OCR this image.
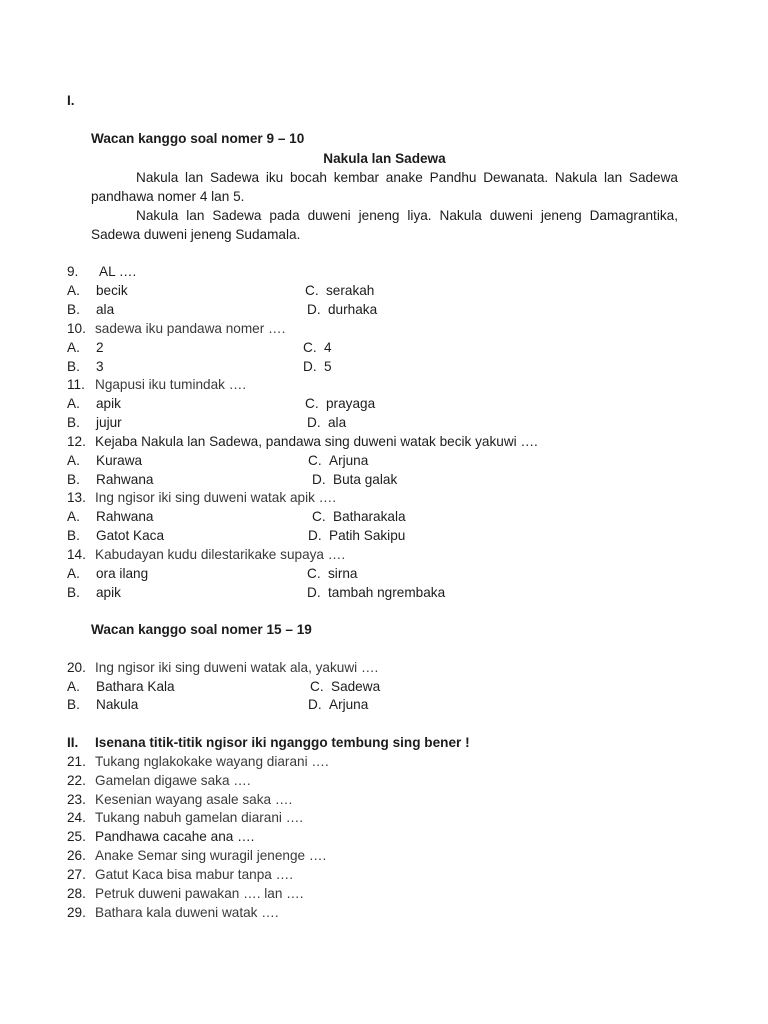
I.
Wacan kanggo soal nomer 9 – 10
Nakula lan Sadewa
Nakula lan Sadewa iku bocah kembar anake Pandhu Dewanata. Nakula lan Sadewa pandhawa nomer 4 lan 5.
Nakula lan Sadewa pada duweni jeneng liya. Nakula duweni jeneng Damagrantika, Sadewa duweni jeneng Sudamala.
9. AL ….
A. becik	C. serakah
B. ala	D. durhaka
10. sadewa iku pandawa nomer ….
A. 2	C. 4
B. 3	D. 5
11. Ngapusi iku tumindak ….
A. apik	C. prayaga
B. jujur	D. ala
12. Kejaba Nakula lan Sadewa, pandawa sing duweni watak becik yakuwi ….
A. Kurawa	C. Arjuna
B. Rahwana	D. Buta galak
13. Ing ngisor iki sing duweni watak apik ….
A. Rahwana	C. Batharakala
B. Gatot Kaca	D. Patih Sakipu
14. Kabudayan kudu dilestarikake supaya ….
A. ora ilang	C. sirna
B. apik	D. tambah ngrembaka
Wacan kanggo soal nomer 15 – 19
20. Ing ngisor iki sing duweni watak ala, yakuwi ….
A. Bathara Kala	C. Sadewa
B. Nakula	D. Arjuna
II. Isenana titik-titik ngisor iki nganggo tembung sing bener !
21. Tukang nglakokake wayang diarani ….
22. Gamelan digawe saka ….
23. Kesenian wayang asale saka ….
24. Tukang nabuh gamelan diarani ….
25. Pandhawa cacahe ana ….
26. Anake Semar sing wuragil jenenge ….
27. Gatut Kaca bisa mabur tanpa ….
28. Petruk duweni pawakan …. lan ….
29. Bathara kala duweni watak ….
